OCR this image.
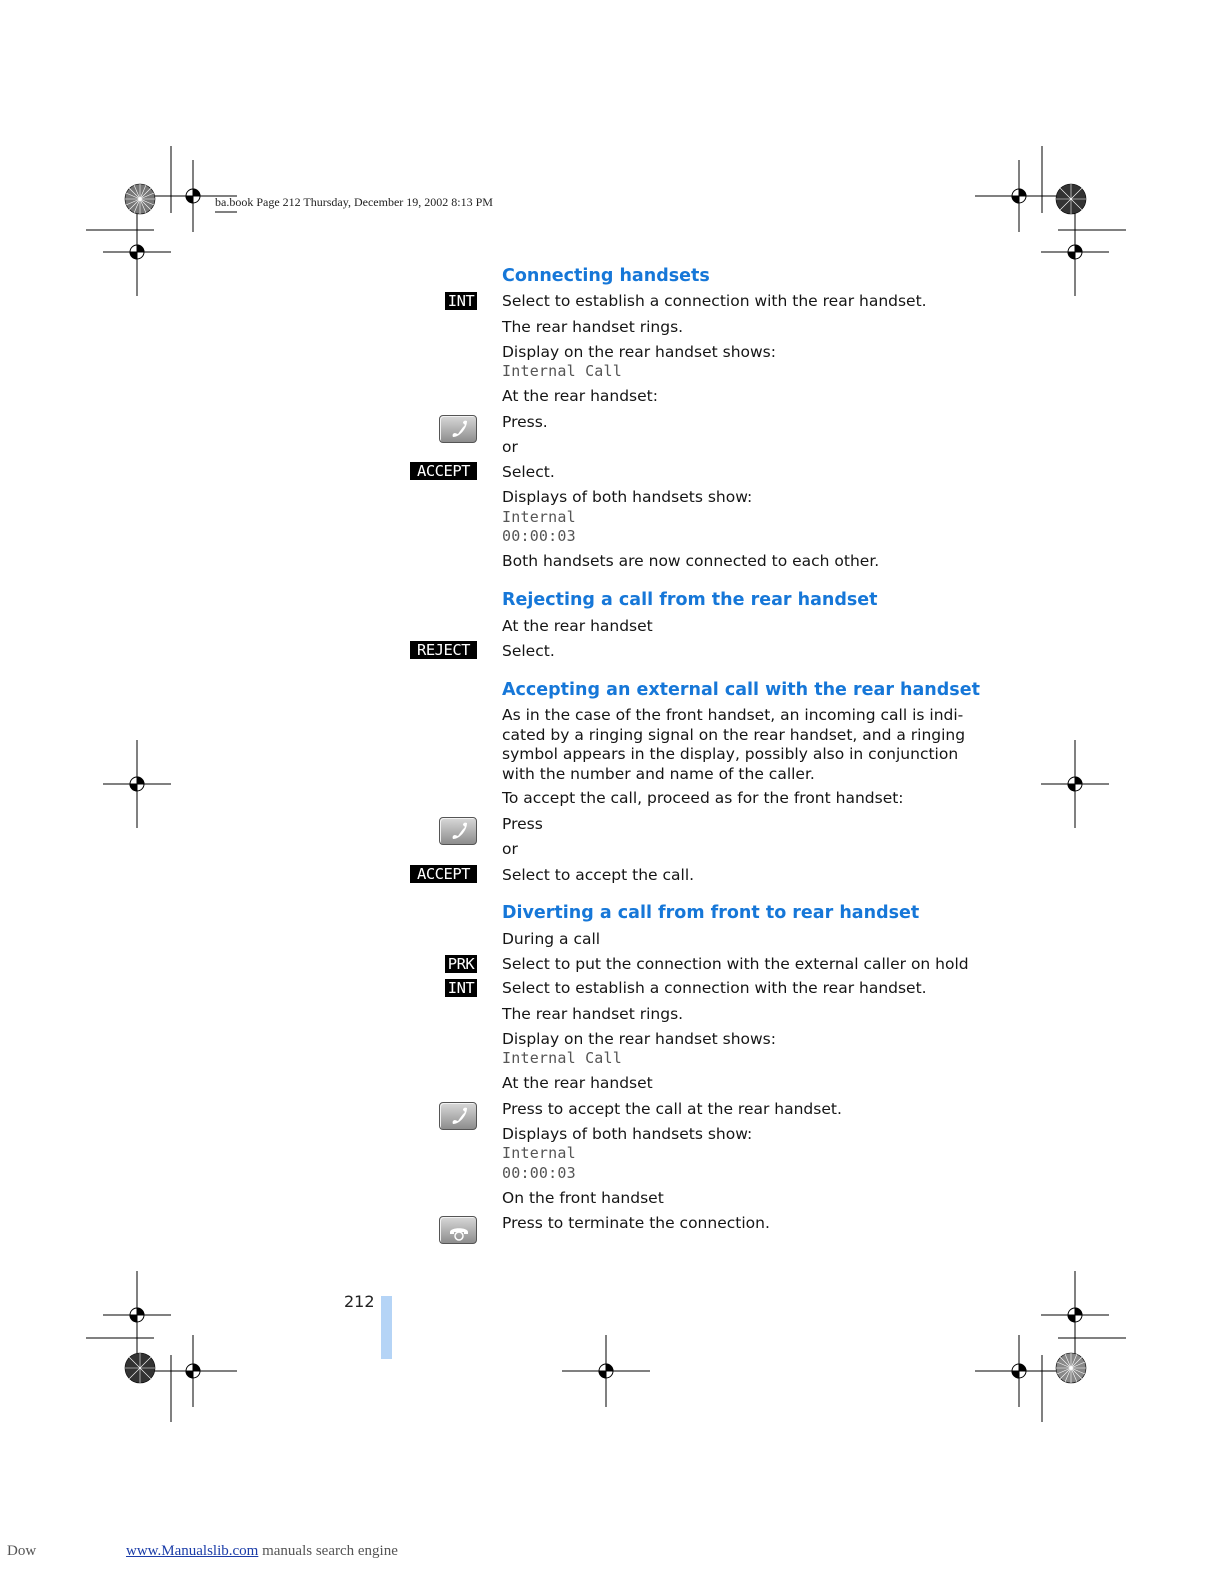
ba.book Page 212 Thursday, December 19, 2002 8:13 PM
Connecting handsets
INT Select to establish a connection with the rear handset.
The rear handset rings.
Display on the rear handset shows:
Internal Call
At the rear handset:
Press.
or
ACCEPT	Select.
Displays of both handsets show:
Internal
00:00:03
Both handsets are now connected to each other.
Rejecting a call from the rear handset
At the rear handset
REJECT	Select.
Accepting an external call with the rear handset
As in the case of the front handset, an incoming call is indi-cated by a ringing signal on the rear handset, and a ringing symbol appears in the display, possibly also in conjunction with the number and name of the caller.
To accept the call, proceed as for the front handset:
Press
or
ACCEPT	Select to accept the call.
Diverting a call from front to rear handset
During a call
PRK Select to put the connection with the external caller on hold
INT Select to establish a connection with the rear handset.
The rear handset rings.
Display on the rear handset shows:
Internal Call
At the rear handset
Press to accept the call at the rear handset.
Displays of both handsets show:
Internal
00:00:03
On the front handset
Press to terminate the connection.
212
Dow	www.Manualslib.com manuals search engine
